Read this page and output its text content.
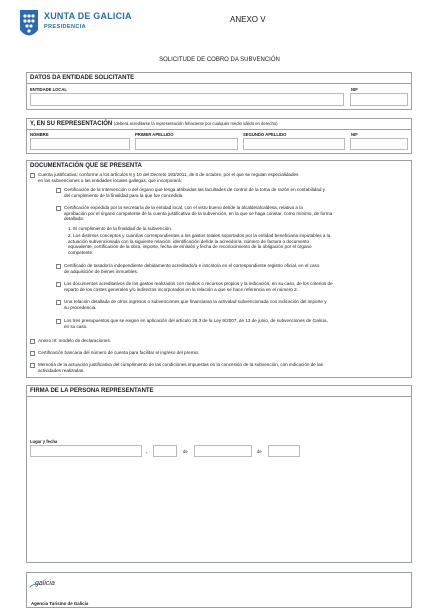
XUNTA DE GALICIA
PRESIDENCIA
ANEXO V
SOLICITUDE DE COBRO DA SUBVENCIÓN
DATOS DA ENTIDADE SOLICITANTE
ENTIDADE LOCAL	NIF
Y, EN SU REPRESENTACIÓN (deberá acreditarse la representación fehaciente por cualquier medio válido en derecho)
NOMBRE	PRIMER APELLIDO	SEGUNDO APELLIDO	NIF
DOCUMENTACIÓN QUE SE PRESENTA
Cuenta justificativa: conforme a los artículos 8 y 10 del Decreto 193/2011, de 6 de octubre, por el que se regulan especialidades
en las subvenciones a las entidades locales gallegas, que incorporará:
Certificación de la Intervención o del órgano que tenga atribuidas las facultades de control de la toma de razón en contabilidad y
del cumplimiento de la finalidad para la que fue concedida.
Certificación expedida por la secretaría de la entidad local, con el visto bueno del/de la alcalde/alcaldesa, relativa a la
aprobación por el órgano competente de la cuenta justificativa de la subvención, en la que se haga constar, como mínimo, de forma
detallada:
1. El cumplimiento de la finalidad de la subvención.
2. Los distintos conceptos y cuantías correspondientes a los gastos totales soportados por la entidad beneficiaria imputables a la
actuación subvencionada con la siguiente relación: identificación del/de la acreedor/a, número de factura o documento
equivalente, certificación de la obra, importe, fecha de emisión y fecha de reconocimiento de la obligación por el órgano
competente.
Certificado de tasador/a independiente debidamente acreditado/a e inscrito/a en el correspondiente registro oficial, en el caso
de adquisición de bienes inmuebles.
Los documentos acreditativos de los gastos realizados con medios o recursos propios y la indicación, en su caso, de los criterios de
reparto de los costes generales y/o indirectos incorporados en la relación a que se hace referencia en el número 2.
Una relación detallada de otros ingresos o subvenciones que financiaran la actividad subvencionada con indicación del importe y
su procedencia.
Los tres presupuestos que se exigen en aplicación del artículo 29.3 de la Ley 9/2007, de 13 de junio, de subvenciones de Galicia,
en su caso.
Anexo III: modelo de declaraciones.
Certificación bancaria del número de cuenta para facilitar el ingreso del premio.
Memoria de la actuación justificativa del cumplimiento de las condiciones impuestas en la concesión de la subvención, con indicación de las
actividades realizadas.
FIRMA DE LA PERSONA REPRESENTANTE
Lugar y fecha
,	de	de
galicia
Agencia Turismo de Galicia
